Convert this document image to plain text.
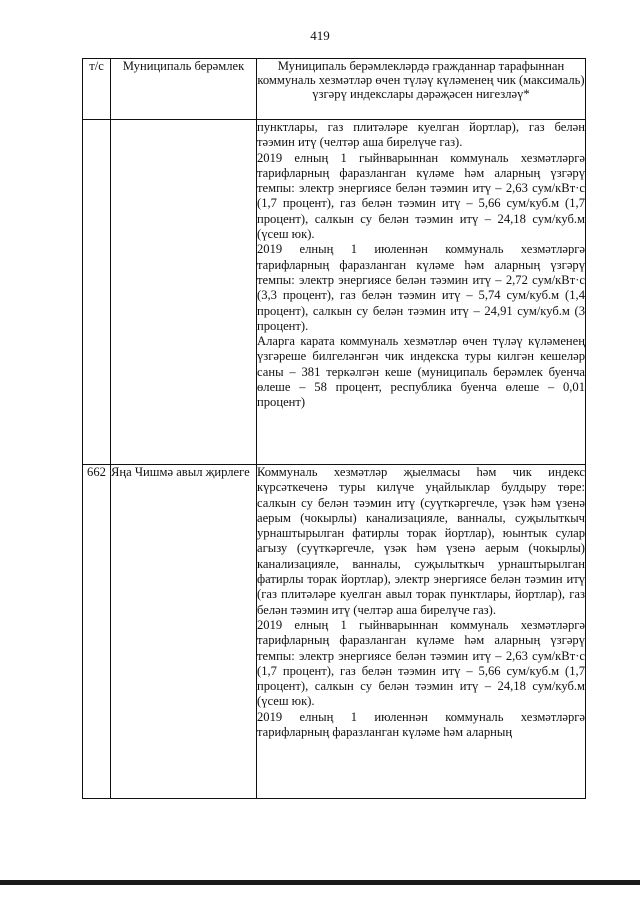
419
т/с	Муниципаль берәмлек	Муниципаль берәмлекләрдә гражданнар тарафыннан коммуналь хезмәтләр өчен түләү күләменең чик (максималь) үзгәрү индекслары дәрәҗәсен нигезләү*

		пунктлары, газ плитәләре куелган йортлар), газ белән тәэмин итү (челтәр аша бирелүче газ).

2019 елның 1 гыйнварыннан коммуналь хезмәтләргә тарифларның фаразланган күләме һәм аларның үзгәрү темпы: электр энергиясе белән тәэмин итү – 2,63 сум/кВт·с (1,7 процент), газ белән тәэмин итү – 5,66 сум/куб.м (1,7 процент), салкын су белән тәэмин итү – 24,18 сум/куб.м (үсеш юк).

2019 елның 1 июленнән коммуналь хезмәтләргә тарифларның фаразланган күләме һәм аларның үзгәрү темпы: электр энергиясе белән тәэмин итү – 2,72 сум/кВт·с (3,3 процент), газ белән тәэмин итү – 5,74 сум/куб.м (1,4 процент), салкын су белән тәэмин итү – 24,91 сум/куб.м (3 процент).

Аларга карата коммуналь хезмәтләр өчен түләү күләменең үзгәреше билгеләнгән чик индекска туры килгән кешеләр саны – 381 теркәлгән кеше (муниципаль берәмлек буенча өлеше – 58 процент, республика буенча өлеше – 0,01 процент)

662	Яңа Чишмә авыл җирлеге	Коммуналь хезмәтләр җыелмасы һәм чик индекс күрсәткеченә туры килүче уңайлыклар булдыру төре: салкын су белән тәэмин итү (суүткәргечле, үзәк һәм үзенә аерым (чокырлы) канализацияле, ванналы, суҗылыткыч урнаштырылган фатирлы торак йортлар), юынтык сулар агызу (суүткәргечле, үзәк һәм үзенә аерым (чокырлы) канализацияле, ванналы, суҗылыткыч урнаштырылган фатирлы торак йортлар), электр энергиясе белән тәэмин итү (газ плитәләре куелган авыл торак пунктлары, йортлар), газ белән тәэмин итү (челтәр аша бирелүче газ).

2019 елның 1 гыйнварыннан коммуналь хезмәтләргә тарифларның фаразланган күләме һәм аларның үзгәрү темпы: электр энергиясе белән тәэмин итү – 2,63 сум/кВт·с (1,7 процент), газ белән тәэмин итү – 5,66 сум/куб.м (1,7 процент), салкын су белән тәэмин итү – 24,18 сум/куб.м (үсеш юк).

2019 елның 1 июленнән коммуналь хезмәтләргә тарифларның фаразланган күләме һәм аларның
